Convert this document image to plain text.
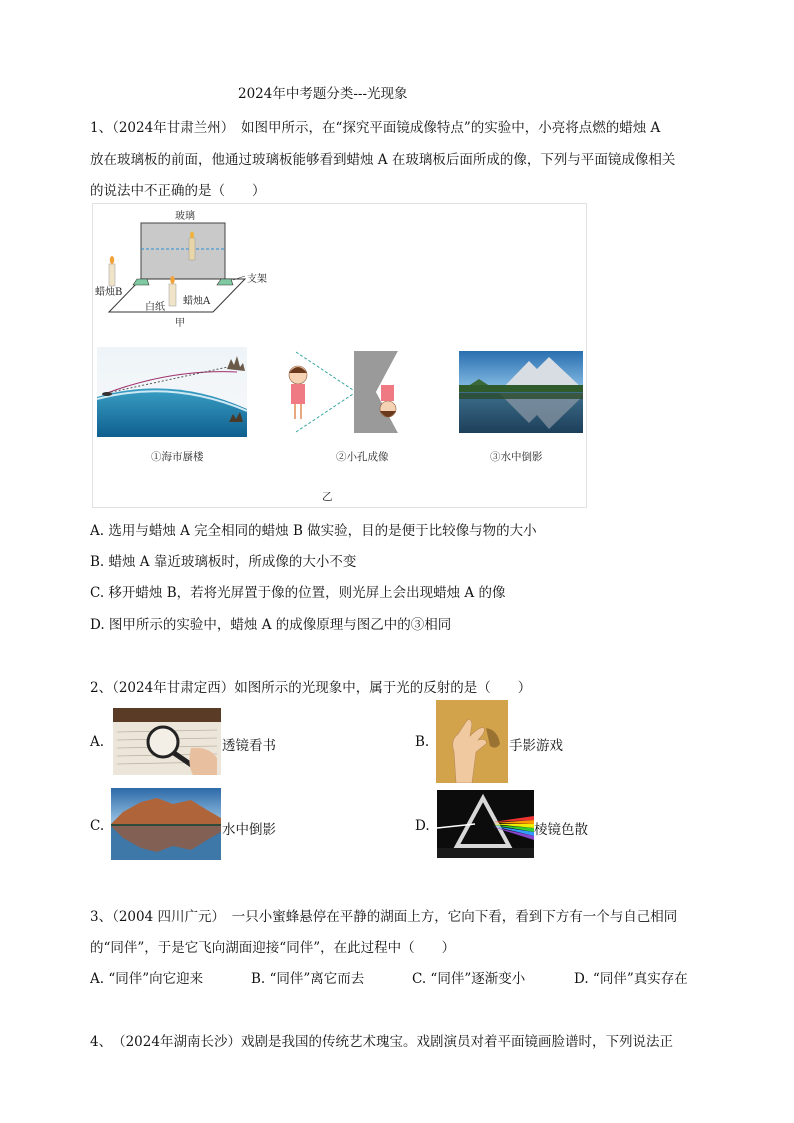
2024年中考题分类---光现象
1、（2024年甘肃兰州）　如图甲所示，在“探究平面镜成像特点”的实验中，小亮将点燃的蜡烛 A
放在玻璃板的前面，他通过玻璃板能够看到蜡烛 A 在玻璃板后面所成的像，下列与平面镜成像相关
的说法中不正确的是（　　）
玻璃
蜡烛B
白纸
蜡烛A
支架
甲
①海市蜃楼	②小孔成像	③水中倒影
乙
A. 选用与蜡烛 A 完全相同的蜡烛 B 做实验，目的是便于比较像与物的大小
B. 蜡烛 A 靠近玻璃板时，所成像的大小不变
C. 移开蜡烛 B，若将光屏置于像的位置，则光屏上会出现蜡烛 A 的像
D. 图甲所示的实验中，蜡烛 A 的成像原理与图乙中的③相同
2、（2024年甘肃定西）如图所示的光现象中，属于光的反射的是（　　）
A.	透镜看书	B.	手影游戏
C.	水中倒影	D.	棱镜色散
3、（2004 四川广元）　一只小蜜蜂悬停在平静的湖面上方，它向下看，看到下方有一个与自己相同
的“同伴”，于是它飞向湖面迎接“同伴”，在此过程中（　　）
A. “同伴”向它迎来	B. “同伴”离它而去	C. “同伴”逐渐变小	D. “同伴”真实存在
4、　（2024年湖南长沙）戏剧是我国的传统艺术瑰宝。戏剧演员对着平面镜画脸谱时，下列说法正
